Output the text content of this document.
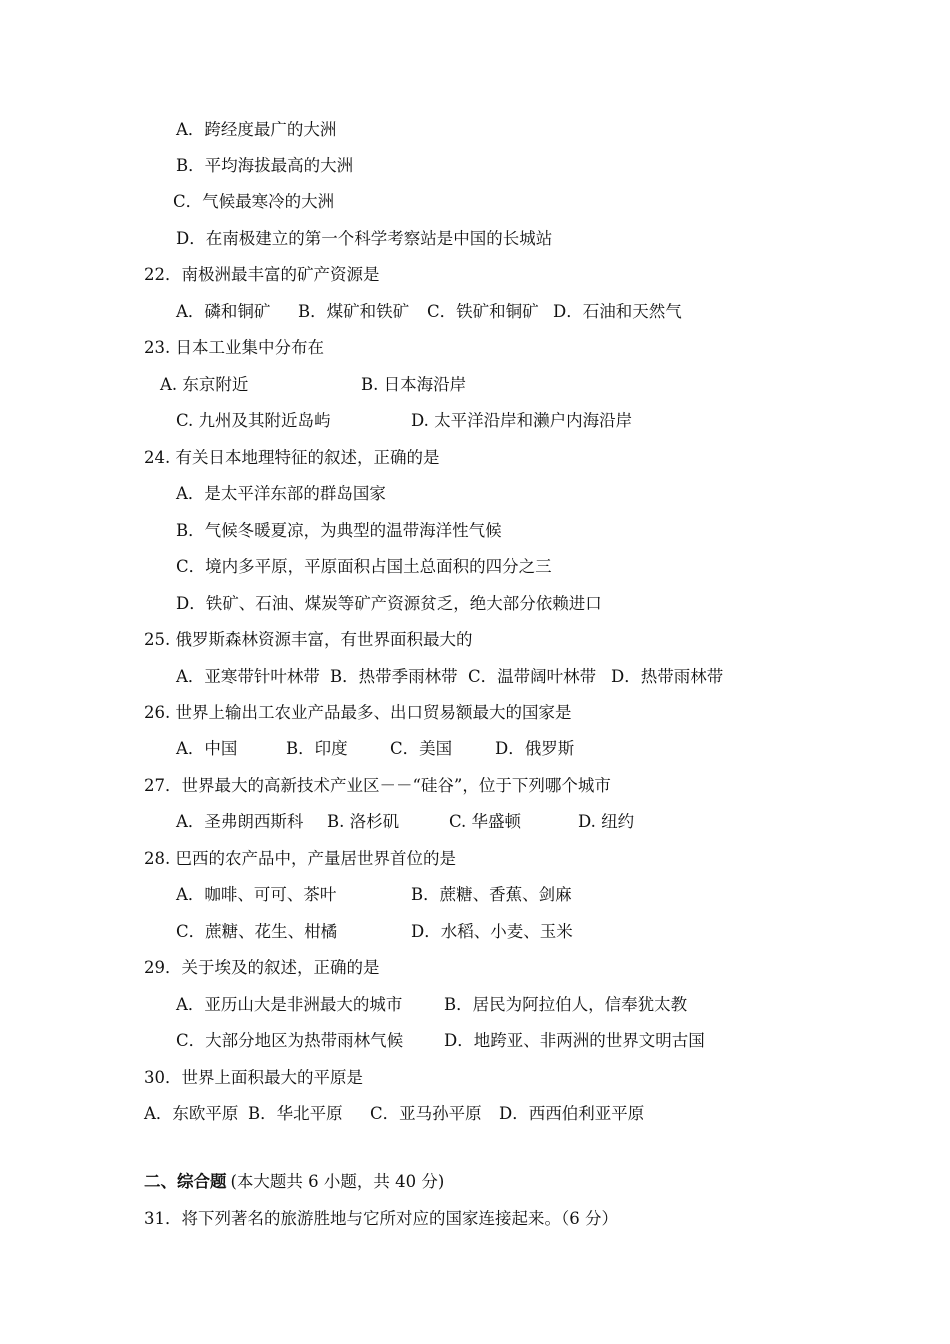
A．跨经度最广的大洲
B．平均海拔最高的大洲
C．气候最寒冷的大洲
D．在南极建立的第一个科学考察站是中国的长城站
22．南极洲最丰富的矿产资源是
A．磷和铜矿 B．煤矿和铁矿 C．铁矿和铜矿 D．石油和天然气
23. 日本工业集中分布在
A. 东京附近	B. 日本海沿岸
C. 九州及其附近岛屿	D. 太平洋沿岸和濑户内海沿岸
24. 有关日本地理特征的叙述，正确的是
A．是太平洋东部的群岛国家
B．气候冬暖夏凉，为典型的温带海洋性气候
C．境内多平原，平原面积占国土总面积的四分之三
D．铁矿、石油、煤炭等矿产资源贫乏，绝大部分依赖进口
25. 俄罗斯森林资源丰富，有世界面积最大的
A．亚寒带针叶林带 B．热带季雨林带 C．温带阔叶林带 D．热带雨林带
26. 世界上输出工农业产品最多、出口贸易额最大的国家是
A．中国	B．印度	C．美国	D．俄罗斯
27．世界最大的高新技术产业区－－“硅谷”，位于下列哪个城市
A．圣弗朗西斯科 B. 洛杉矶	C. 华盛顿	D. 纽约
28. 巴西的农产品中，产量居世界首位的是
A．咖啡、可可、茶叶	B．蔗糖、香蕉、剑麻
C．蔗糖、花生、柑橘	D．水稻、小麦、玉米
29．关于埃及的叙述，正确的是
A．亚历山大是非洲最大的城市	B．居民为阿拉伯人，信奉犹太教
C．大部分地区为热带雨林气候 D．地跨亚、非两洲的世界文明古国
30．世界上面积最大的平原是
A．东欧平原 B．华北平原 C．亚马孙平原 D．西西伯利亚平原
二、综合题 (本大题共 6 小题，共 40 分)
31．将下列著名的旅游胜地与它所对应的国家连接起来。（6 分）
